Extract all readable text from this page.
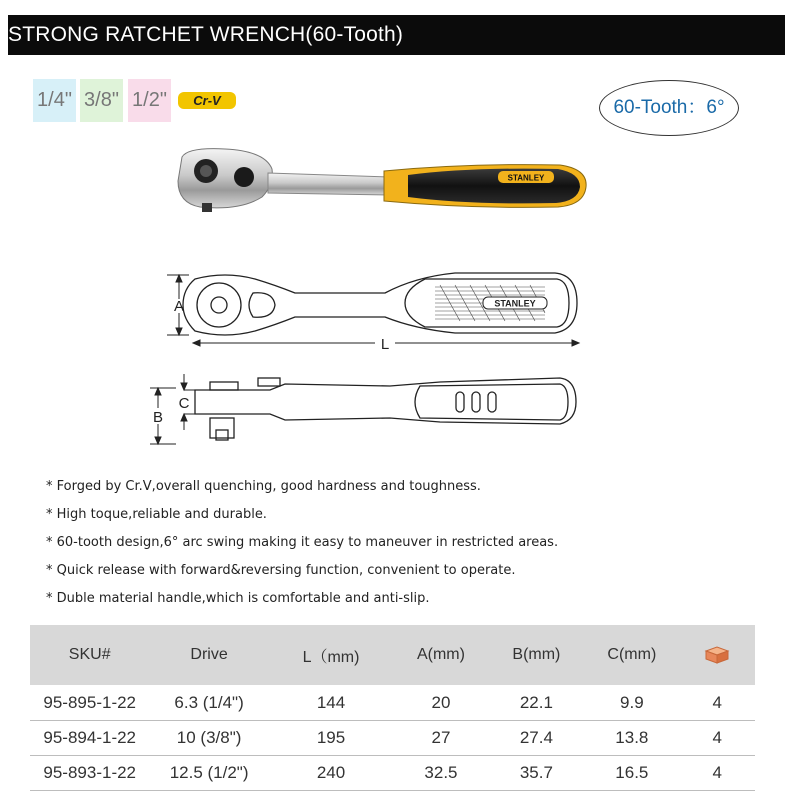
STRONG RATCHET WRENCH(60-Tooth)
1/4" 3/8" 1/2"	Cr-V	60-Tooth：6°
STANLEY
STANLEY
A
L
B
C
* Forged by Cr.V,overall quenching, good hardness and toughness.
* High toque,reliable and durable.
* 60-tooth design,6° arc swing making it easy to maneuver in restricted areas.
* Quick release with forward&reversing function, convenient to operate.
* Duble material handle,which is comfortable and anti-slip.
SKU#	Drive	L（mm)	A(mm)	B(mm)	C(mm)	
95-895-1-22	6.3 (1/4")	144	20	22.1	9.9	4
95-894-1-22	10 (3/8")	195	27	27.4	13.8	4
95-893-1-22	12.5 (1/2")	240	32.5	35.7	16.5	4
